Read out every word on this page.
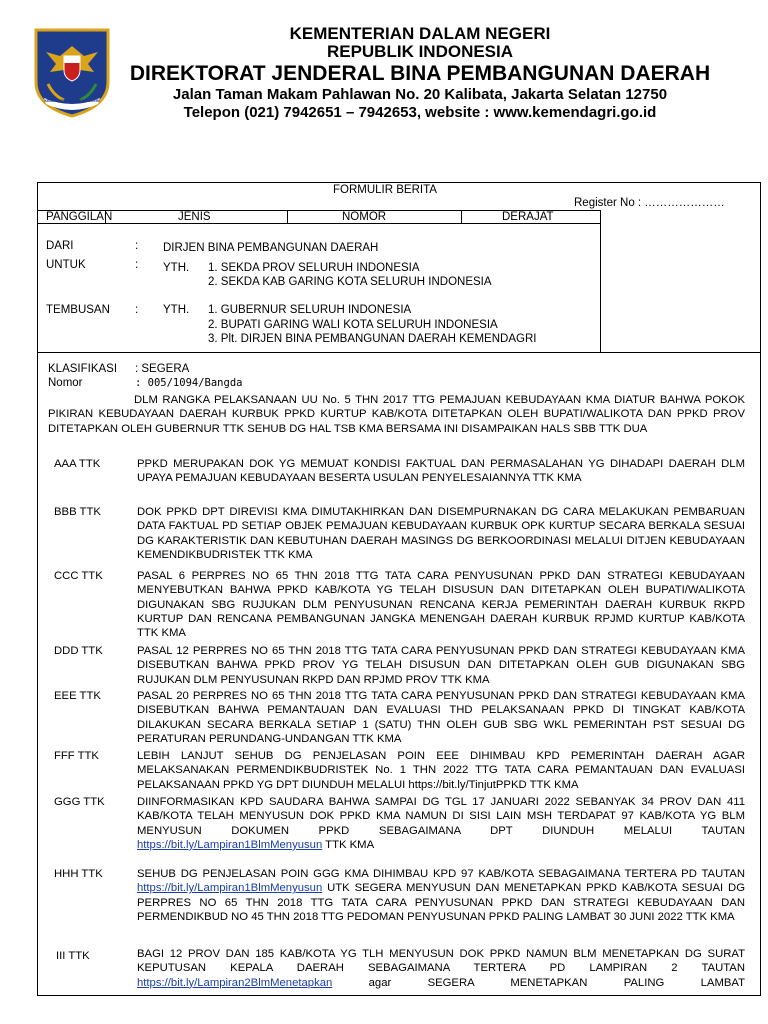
KEMENTERIAN DALAM NEGERI
KEMENTERIAN DALAM NEGERI
REPUBLIK INDONESIA
DIREKTORAT JENDERAL BINA PEMBANGUNAN DAERAH
Jalan Taman Makam Pahlawan No. 20 Kalibata, Jakarta Selatan 12750
Telepon (021) 7942651 – 7942653, website : www.kemendagri.go.id
FORMULIR BERITA
Register No : …………………
PANGGILAN	JENIS	NOMOR	DERAJAT
DARI	: DIRJEN BINA PEMBANGUNAN DAERAH
UNTUK	: YTH. 1. SEKDA PROV SELURUH INDONESIA
2. SEKDA KAB GARING KOTA SELURUH INDONESIA
TEMBUSAN : YTH. 1. GUBERNUR SELURUH INDONESIA
2. BUPATI GARING WALI KOTA SELURUH INDONESIA
3. Plt. DIRJEN BINA PEMBANGUNAN DAERAH KEMENDAGRI
KLASIFIKASI : SEGERA
Nomor	: 005/1094/Bangda
DLM RANGKA PELAKSANAAN UU No. 5 THN 2017 TTG PEMAJUAN KEBUDAYAAN KMA DIATUR BAHWA POKOK PIKIRAN KEBUDAYAAN DAERAH KURBUK PPKD KURTUP KAB/KOTA DITETAPKAN OLEH BUPATI/WALIKOTA DAN PPKD PROV DITETAPKAN OLEH GUBERNUR TTK SEHUB DG HAL TSB KMA BERSAMA INI DISAMPAIKAN HALS SBB TTK DUA
AAA TTK	PPKD MERUPAKAN DOK YG MEMUAT KONDISI FAKTUAL DAN PERMASALAHAN YG DIHADAPI DAERAH DLM UPAYA PEMAJUAN KEBUDAYAAN BESERTA USULAN PENYELESAIANNYA TTK KMA
BBB TTK	DOK PPKD DPT DIREVISI KMA DIMUTAKHIRKAN DAN DISEMPURNAKAN DG CARA MELAKUKAN PEMBARUAN DATA FAKTUAL PD SETIAP OBJEK PEMAJUAN KEBUDAYAAN KURBUK OPK KURTUP SECARA BERKALA SESUAI DG KARAKTERISTIK DAN KEBUTUHAN DAERAH MASINGS DG BERKOORDINASI MELALUI DITJEN KEBUDAYAAN KEMENDIKBUDRISTEK TTK KMA
CCC TTK	PASAL 6 PERPRES NO 65 THN 2018 TTG TATA CARA PENYUSUNAN PPKD DAN STRATEGI KEBUDAYAAN MENYEBUTKAN BAHWA PPKD KAB/KOTA YG TELAH DISUSUN DAN DITETAPKAN OLEH BUPATI/WALIKOTA DIGUNAKAN SBG RUJUKAN DLM PENYUSUNAN RENCANA KERJA PEMERINTAH DAERAH KURBUK RKPD KURTUP DAN RENCANA PEMBANGUNAN JANGKA MENENGAH DAERAH KURBUK RPJMD KURTUP KAB/KOTA TTK KMA
DDD TTK	PASAL 12 PERPRES NO 65 THN 2018 TTG TATA CARA PENYUSUNAN PPKD DAN STRATEGI KEBUDAYAAN KMA DISEBUTKAN BAHWA PPKD PROV YG TELAH DISUSUN DAN DITETAPKAN OLEH GUB DIGUNAKAN SBG RUJUKAN DLM PENYUSUNAN RKPD DAN RPJMD PROV TTK KMA
EEE TTK	PASAL 20 PERPRES NO 65 THN 2018 TTG TATA CARA PENYUSUNAN PPKD DAN STRATEGI KEBUDAYAAN KMA DISEBUTKAN BAHWA PEMANTAUAN DAN EVALUASI THD PELAKSANAAN PPKD DI TINGKAT KAB/KOTA DILAKUKAN SECARA BERKALA SETIAP 1 (SATU) THN OLEH GUB SBG WKL PEMERINTAH PST SESUAI DG PERATURAN PERUNDANG-UNDANGAN TTK KMA
FFF TTK	LEBIH LANJUT SEHUB DG PENJELASAN POIN EEE DIHIMBAU KPD PEMERINTAH DAERAH AGAR MELAKSANAKAN PERMENDIKBUDRISTEK No. 1 THN 2022 TTG TATA CARA PEMANTAUAN DAN EVALUASI PELAKSANAAN PPKD YG DPT DIUNDUH MELALUI https://bit.ly/TinjutPPKD TTK KMA
GGG TTK	DIINFORMASIKAN KPD SAUDARA BAHWA SAMPAI DG TGL 17 JANUARI 2022 SEBANYAK 34 PROV DAN 411 KAB/KOTA TELAH MENYUSUN DOK PPKD KMA NAMUN DI SISI LAIN MSH TERDAPAT 97 KAB/KOTA YG BLM MENYUSUN DOKUMEN PPKD SEBAGAIMANA DPT DIUNDUH MELALUI TAUTAN https://bit.ly/Lampiran1BlmMenyusun TTK KMA
HHH TTK	SEHUB DG PENJELASAN POIN GGG KMA DIHIMBAU KPD 97 KAB/KOTA SEBAGAIMANA TERTERA PD TAUTAN https://bit.ly/Lampiran1BlmMenyusun UTK SEGERA MENYUSUN DAN MENETAPKAN PPKD KAB/KOTA SESUAI DG PERPRES NO 65 THN 2018 TTG TATA CARA PENYUSUNAN PPKD DAN STRATEGI KEBUDAYAAN DAN PERMENDIKBUD NO 45 THN 2018 TTG PEDOMAN PENYUSUNAN PPKD PALING LAMBAT 30 JUNI 2022 TTK KMA
III TTK	BAGI 12 PROV DAN 185 KAB/KOTA YG TLH MENYUSUN DOK PPKD NAMUN BLM MENETAPKAN DG SURAT KEPUTUSAN KEPALA DAERAH SEBAGAIMANA TERTERA PD LAMPIRAN 2 TAUTAN https://bit.ly/Lampiran2BlmMenetapkan agar SEGERA MENETAPKAN PALING LAMBAT
